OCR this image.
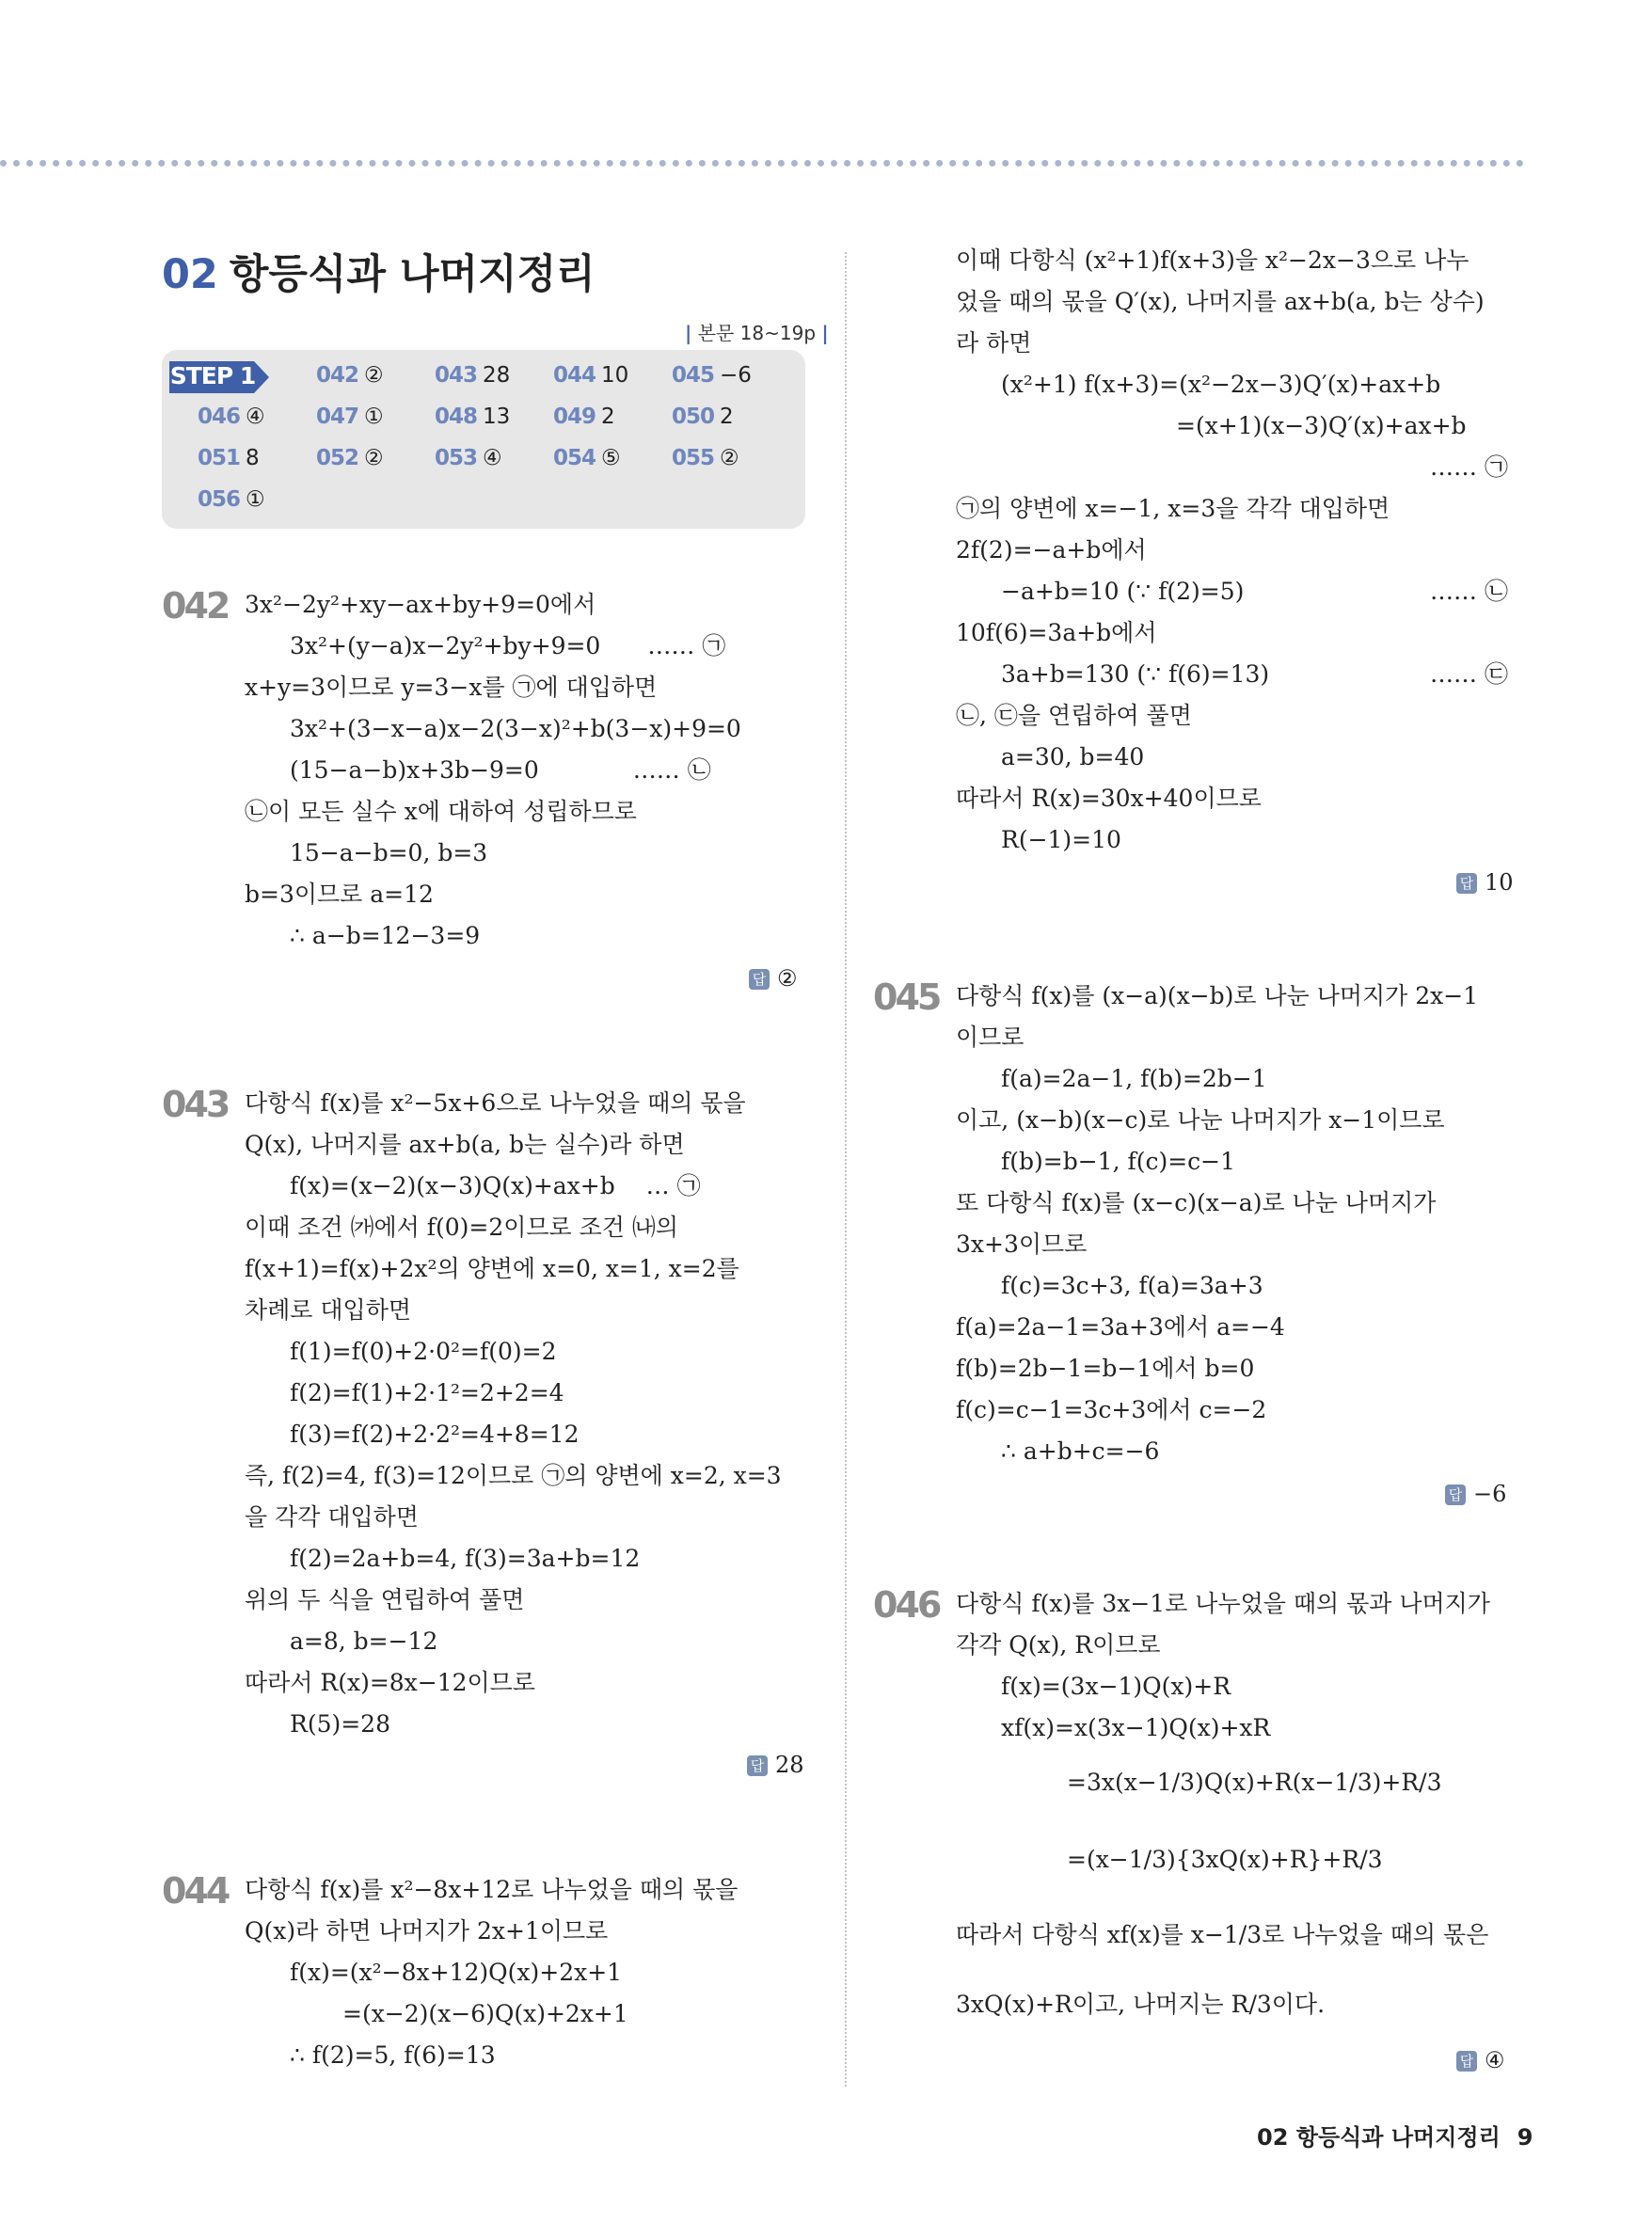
02 항등식과 나머지정리
| 본문 18~19p |
STEP 1	042 ② 043 28 044 10 045 −6
046 ④ 047 ① 048 13 049 2	050 2
051 8	052 ② 053 ④ 054 ⑤ 055 ②
056 ①
042 3x²−2y²+xy−ax+by+9=0에서
3x²+(y−a)x−2y²+by+9=0　　…… ㉠
x+y=3이므로 y=3−x를 ㉠에 대입하면
3x²+(3−x−a)x−2(3−x)²+b(3−x)+9=0
(15−a−b)x+3b−9=0　　　　…… ㉡
㉡이 모든 실수 x에 대하여 성립하므로
15−a−b=0, b=3
b=3이므로 a=12
∴ a−b=12−3=9
답 ②
043 다항식 f(x)를 x²−5x+6으로 나누었을 때의 몫을
Q(x), 나머지를 ax+b(a, b는 실수)라 하면
f(x)=(x−2)(x−3)Q(x)+ax+b　 … ㉠
이때 조건 ㈎에서 f(0)=2이므로 조건 ㈏의
f(x+1)=f(x)+2x²의 양변에 x=0, x=1, x=2를
차례로 대입하면
f(1)=f(0)+2·0²=f(0)=2
f(2)=f(1)+2·1²=2+2=4
f(3)=f(2)+2·2²=4+8=12
즉, f(2)=4, f(3)=12이므로 ㉠의 양변에 x=2, x=3
을 각각 대입하면
f(2)=2a+b=4, f(3)=3a+b=12
위의 두 식을 연립하여 풀면
a=8, b=−12
따라서 R(x)=8x−12이므로
R(5)=28
답 28
044 다항식 f(x)를 x²−8x+12로 나누었을 때의 몫을
Q(x)라 하면 나머지가 2x+1이므로
f(x)=(x²−8x+12)Q(x)+2x+1
=(x−2)(x−6)Q(x)+2x+1
∴ f(2)=5, f(6)=13
이때 다항식 (x²+1)f(x+3)을 x²−2x−3으로 나누
었을 때의 몫을 Q′(x), 나머지를 ax+b(a, b는 상수)
라 하면
(x²+1) f(x+3)=(x²−2x−3)Q′(x)+ax+b
=(x+1)(x−3)Q′(x)+ax+b
…… ㉠
㉠의 양변에 x=−1, x=3을 각각 대입하면
2f(2)=−a+b에서
−a+b=10 (∵ f(2)=5)	…… ㉡
10f(6)=3a+b에서
3a+b=130 (∵ f(6)=13)	…… ㉢
㉡, ㉢을 연립하여 풀면
a=30, b=40
따라서 R(x)=30x+40이므로
R(−1)=10
답 10
045 다항식 f(x)를 (x−a)(x−b)로 나눈 나머지가 2x−1
이므로
f(a)=2a−1, f(b)=2b−1
이고, (x−b)(x−c)로 나눈 나머지가 x−1이므로
f(b)=b−1, f(c)=c−1
또 다항식 f(x)를 (x−c)(x−a)로 나눈 나머지가
3x+3이므로
f(c)=3c+3, f(a)=3a+3
f(a)=2a−1=3a+3에서 a=−4
f(b)=2b−1=b−1에서 b=0
f(c)=c−1=3c+3에서 c=−2
∴ a+b+c=−6
답 −6
046 다항식 f(x)를 3x−1로 나누었을 때의 몫과 나머지가
각각 Q(x), R이므로
f(x)=(3x−1)Q(x)+R
xf(x)=x(3x−1)Q(x)+xR
=3x(x−1/3)Q(x)+R(x−1/3)+R/3
=(x−1/3){3xQ(x)+R}+R/3
따라서 다항식 xf(x)를 x−1/3로 나누었을 때의 몫은
3xQ(x)+R이고, 나머지는 R/3이다.
답 ④
02 항등식과 나머지정리 9
